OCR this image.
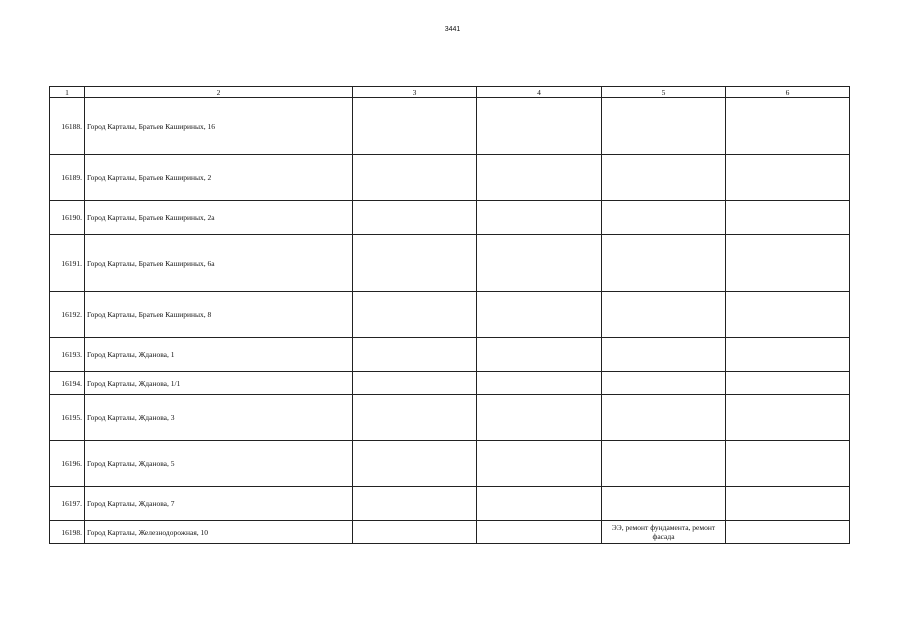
3441
1	2	3	4	5	6
16188.	Город Карталы, Братьев Кашириных, 16				
16189.	Город Карталы, Братьев Кашириных, 2				
16190.	Город Карталы, Братьев Кашириных, 2а				
16191.	Город Карталы, Братьев Кашириных, 6а				
16192.	Город Карталы, Братьев Кашириных, 8				
16193.	Город Карталы, Жданова, 1				
16194.	Город Карталы, Жданова, 1/1				
16195.	Город Карталы, Жданова, 3				
16196.	Город Карталы, Жданова, 5				
16197.	Город Карталы, Жданова, 7				
16198.	Город Карталы, Железнодорожная, 10			ЭЭ, ремонт фундамента, ремонт фасада	
